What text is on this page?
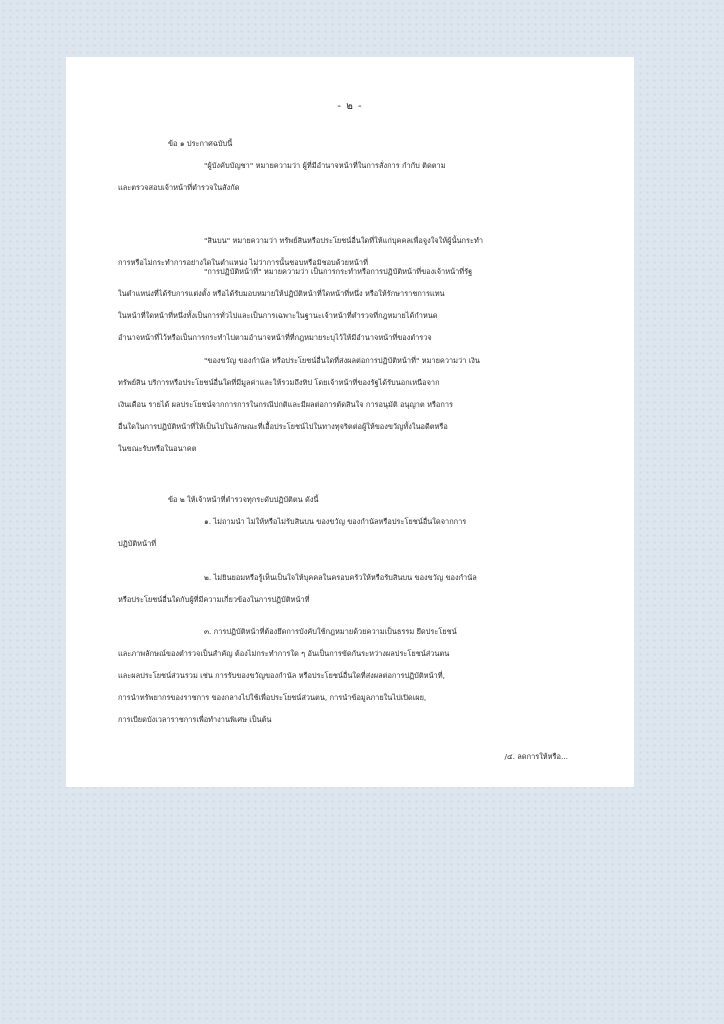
- ๒ -
ข้อ ๑ ประกาศฉบับนี้
"ผู้บังคับบัญชา" หมายความว่า ผู้ที่มีอำนาจหน้าที่ในการสั่งการ กำกับ ติดตาม
และตรวจสอบเจ้าหน้าที่ตำรวจในสังกัด
"สินบน" หมายความว่า ทรัพย์สินหรือประโยชน์อื่นใดที่ให้แก่บุคคลเพื่อจูงใจให้ผู้นั้นกระทำ
การหรือไม่กระทำการอย่างใดในตำแหน่ง ไม่ว่าการนั้นชอบหรือมิชอบด้วยหน้าที่
"การปฏิบัติหน้าที่" หมายความว่า เป็นการกระทำหรือการปฏิบัติหน้าที่ของเจ้าหน้าที่รัฐ
ในตำแหน่งที่ได้รับการแต่งตั้ง หรือได้รับมอบหมายให้ปฏิบัติหน้าที่ใดหน้าที่หนึ่ง หรือให้รักษาราชการแทน
ในหน้าที่ใดหน้าที่หนึ่งทั้งเป็นการทั่วไปและเป็นการเฉพาะในฐานะเจ้าหน้าที่ตำรวจที่กฎหมายได้กำหนด
อำนาจหน้าที่ไว้หรือเป็นการกระทำไปตามอำนาจหน้าที่ที่กฎหมายระบุไว้ให้มีอำนาจหน้าที่ของตำรวจ
"ของขวัญ ของกำนัล หรือประโยชน์อื่นใดที่ส่งผลต่อการปฏิบัติหน้าที่" หมายความว่า เงิน
ทรัพย์สิน บริการหรือประโยชน์อื่นใดที่มีมูลค่าและให้รวมถึงทิป โดยเจ้าหน้าที่ของรัฐได้รับนอกเหนือจาก
เงินเดือน รายได้ ผลประโยชน์จากการการในกรณีปกติและมีผลต่อการตัดสินใจ การอนุมัติ อนุญาต หรือการ
อื่นใดในการปฏิบัติหน้าที่ให้เป็นไปในลักษณะที่เอื้อประโยชน์ไปในทางทุจริตต่อผู้ให้ของขวัญทั้งในอดีตหรือ
ในขณะรับหรือในอนาคต
ข้อ ๒ ให้เจ้าหน้าที่ตำรวจทุกระดับปฏิบัติตน ดังนี้
๑. ไม่ถามนำ ไม่ให้หรือไม่รับสินบน ของขวัญ ของกำนัลหรือประโยชน์อื่นใดจากการ
ปฏิบัติหน้าที่
๒. ไม่ยินยอมหรือรู้เห็นเป็นใจให้บุคคลในครอบครัวให้หรือรับสินบน ของขวัญ ของกำนัล
หรือประโยชน์อื่นใดกับผู้ที่มีความเกี่ยวข้องในการปฏิบัติหน้าที่
๓. การปฏิบัติหน้าที่ต้องยึดการบังคับใช้กฎหมายด้วยความเป็นธรรม ยึดประโยชน์
และภาพลักษณ์ของตำรวจเป็นสำคัญ ต้องไม่กระทำการใด ๆ อันเป็นการขัดกันระหว่างผลประโยชน์ส่วนตน
และผลประโยชน์ส่วนรวม เช่น การรับของขวัญของกำนัล หรือประโยชน์อื่นใดที่ส่งผลต่อการปฏิบัติหน้าที่,
การนำทรัพยากรของราชการ ของกลางไปใช้เพื่อประโยชน์ส่วนตน, การนำข้อมูลภายในไปเปิดเผย,
การเบียดบังเวลาราชการเพื่อทำงานพิเศษ เป็นต้น
/๔. ลดการให้หรือ...
